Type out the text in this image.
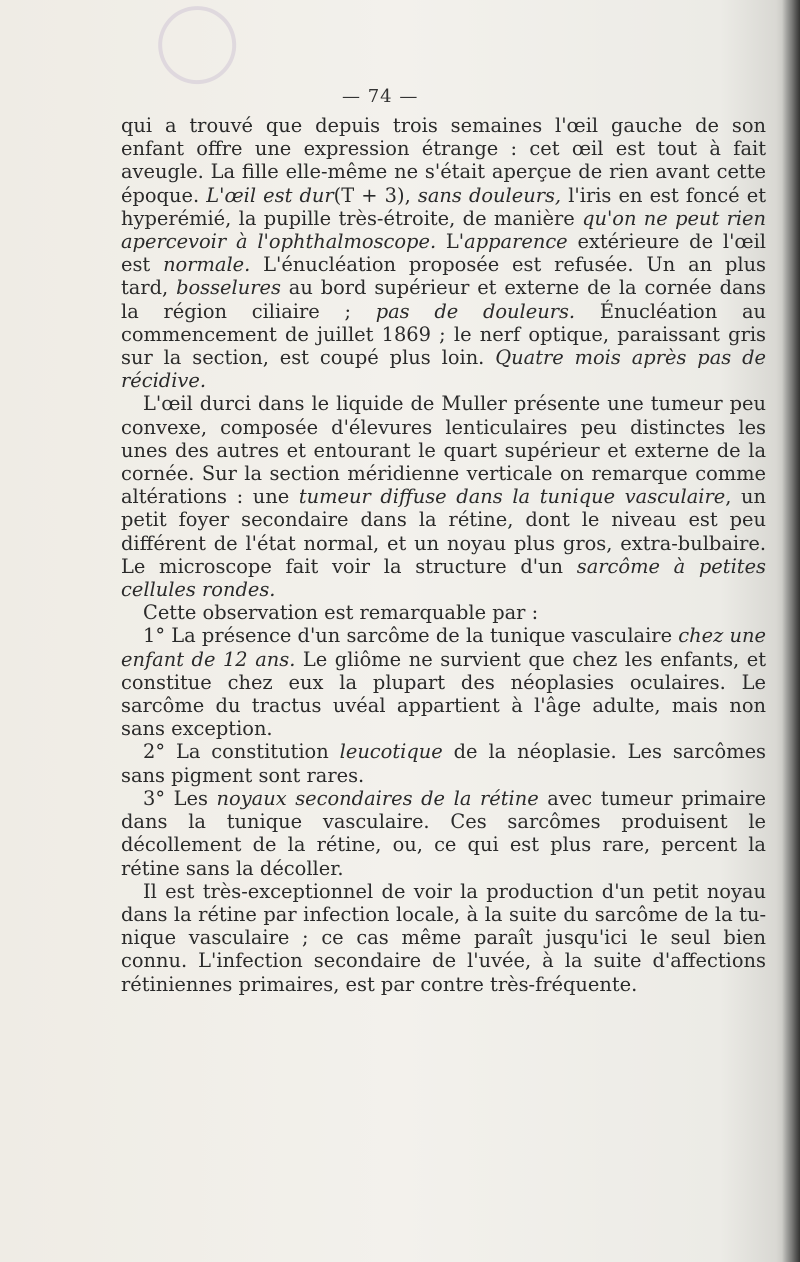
— 74 —

qui a trouvé que depuis trois semaines l'œil gauche de son enfant offre une expression étrange : cet œil est tout à fait aveugle. La fille elle-même ne s'était aperçue de rien avant cette époque. L'œil est dur(T + 3), sans douleurs, l'iris en est foncé et hyperémié, la pupille très-étroite, de manière qu'on ne peut rien apercevoir à l'ophthalmoscope. L'apparence extérieure de l'œil est normale. L'énucléation proposée est refusée. Un an plus tard, bosselures au bord supérieur et externe de la cornée dans la région ciliaire ; pas de douleurs. Énucléation au commencement de juillet 1869 ; le nerf optique, paraissant gris sur la section, est coupé plus loin. Quatre mois après pas de récidive.

L'œil durci dans le liquide de Muller présente une tumeur peu convexe, composée d'élevures lenticulaires peu distinctes les unes des autres et entourant le quart supérieur et externe de la cornée. Sur la section méridienne verticale on remarque comme altérations : une tumeur diffuse dans la tunique vasculaire, un petit foyer secondaire dans la rétine, dont le niveau est peu différent de l'état normal, et un noyau plus gros, extra-bulbaire. Le microscope fait voir la structure d'un sarcôme à petites cellules rondes.

Cette observation est remarquable par :

1° La présence d'un sarcôme de la tunique vasculaire chez une enfant de 12 ans. Le gliôme ne survient que chez les enfants, et constitue chez eux la plupart des néoplasies oculaires. Le sarcôme du tractus uvéal appartient à l'âge adulte, mais non sans exception.

2° La constitution leucotique de la néoplasie. Les sarcômes sans pigment sont rares.

3° Les noyaux secondaires de la rétine avec tumeur primaire dans la tunique vasculaire. Ces sarcômes produisent le décollement de la rétine, ou, ce qui est plus rare, percent la rétine sans la décoller.

Il est très-exceptionnel de voir la production d'un petit noyau dans la rétine par infection locale, à la suite du sarcôme de la tunique vasculaire ; ce cas même paraît jusqu'ici le seul bien connu. L'infection secondaire de l'uvée, à la suite d'affections rétiniennes primaires, est par contre très-fréquente.
